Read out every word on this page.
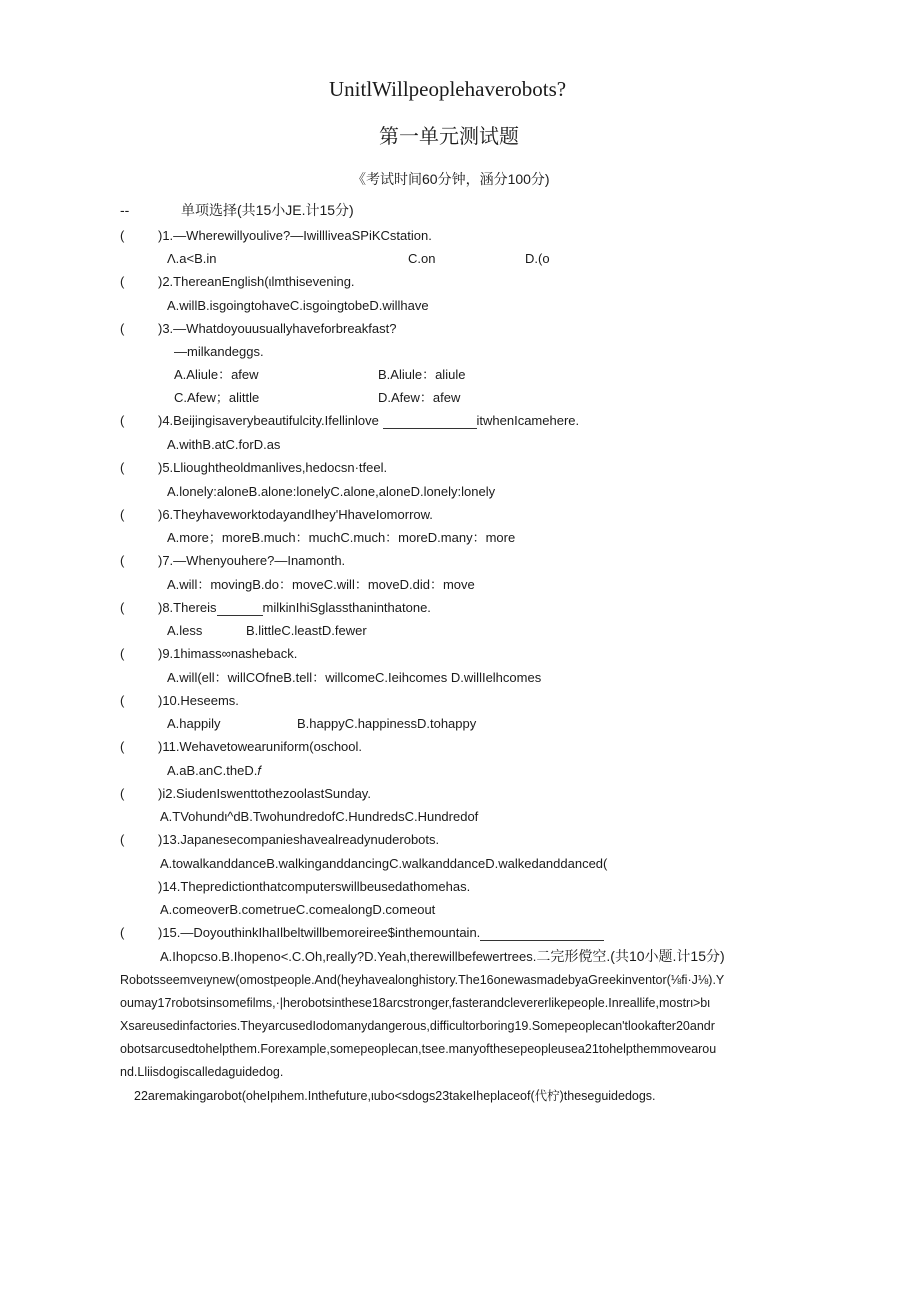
UnitlWillpeoplehaverobots?
第一单元测试题
《考试时间60分钟，涵分100分)
--	单项选择(共15小JE.计15分)
(	)1.—Wherewillyoulive?—IwillliveaSPiKCstation.
Λ.a<B.in	C.on	D.(o
(	)2.ThereanEnglish(ιlmthisevening.
A.willB.isgoingtohaveC.isgoingtobeD.willhave
(	)3.—Whatdoyouusuallyhaveforbreakfast?
—milkandeggs.
A.Aliule：afew	B.Aliule：aliule
C.Afew；alittle	D.Afew：afew
(	)4.Beijingisaverybeautifulcity.Ifellinlove	itwhenIcamehere.
A.withB.atC.forD.as
(	)5.Llioughtheoldmanlives,hedocsn·tfeel.
A.lonely:aloneB.alone:lonelyC.alone,aloneD.lonely:lonely
(	)6.TheyhaveworktodayandIhey'HhaveIomorrow.
A.more；moreB.much：muchC.much：moreD.many：more
(	)7.—Whenyouhere?—Inamonth.
A.will：movingB.do：moveC.will：moveD.did：move
(	)8.Thereis	milkinIhiSglassthaninthatone.
A.less	B.littleC.leastD.fewer
(	)9.1himass∞nasheback.
A.will(ell：willCOfneB.tell：willcomeC.Ieihcomes D.willIelhcomes
(	)10.Heseems.
A.happily	B.happyC.happinessD.tohappy
(	)11.Wehavetowearuniform(oschool.
A.aB.anC.theD.𝑓
(	)i2.SiudenIswenttothezoolastSunday.
A.TVohundι^dB.TwohundredofC.HundredsC.Hundredof
(	)13.Japanesecompanieshavealreadynuderobots.
A.towalkanddanceB.walkinganddancingC.walkanddanceD.walkedanddanced(
)14.Thepredictionthatcomputerswillbeusedathomehas.
A.comeoverB.cometrueC.comealongD.comeout
(	)15.—DoyouthinkIhaIlbeltwillbemoreiree$inthemountain.
A.Ihopcso.B.Ihopeno<.C.Oh,really?D.Yeah,therewillbefewertrees.二完形傥空.(共10小题.计15分)
Robotsseemveιynew(omostpeople.And(heyhavealonghistory.The16onewasmadebyaGreekinventor(⅛fi·J⅛).Y
oumay17robotsinsomefilms,·|herobotsinthese18arcstronger,fasterandclevererlikepeople.Inreallife,mostrι>bι
Xsareusedinfactories.TheyarcusedIodomanydangerous,difficultorboring19.Somepeoplecan'tlookafter20andr
obotsarcusedtohelpthem.Forexample,somepeoplecan,tsee.manyofthesepeopleusea21tohelpthemmovearou
nd.Lliisdogiscalledaguidedog.
22aremakingarobot(oheIpιhem.Inthefuture,ιubo<sdogs23takeIheplaceof(代柠)theseguidedogs.
